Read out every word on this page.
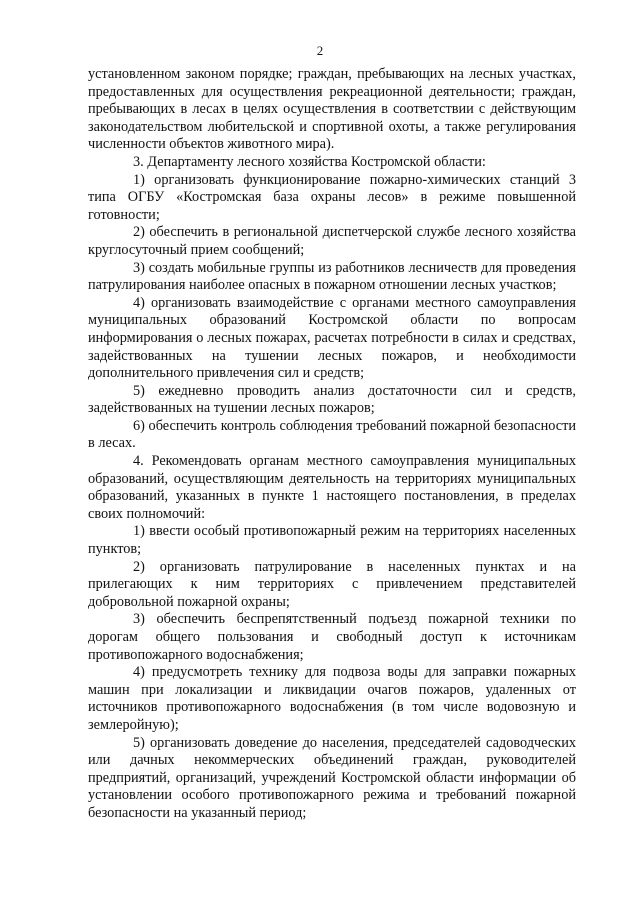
2

установленном законом порядке; граждан, пребывающих на лесных участках, предоставленных для осуществления рекреационной деятельности; граждан, пребывающих в лесах в целях осуществления в соответствии с действующим законодательством любительской и спортивной охоты, а также регулирования численности объектов животного мира).

3. Департаменту лесного хозяйства Костромской области:

1) организовать функционирование пожарно-химических станций 3 типа ОГБУ «Костромская база охраны лесов» в режиме повышенной готовности;

2) обеспечить в региональной диспетчерской службе лесного хозяйства круглосуточный прием сообщений;

3) создать мобильные группы из работников лесничеств для проведения патрулирования наиболее опасных в пожарном отношении лесных участков;

4) организовать взаимодействие с органами местного самоуправления муниципальных образований Костромской области по вопросам информирования о лесных пожарах, расчетах потребности в силах и средствах, задействованных на тушении лесных пожаров, и необходимости дополнительного привлечения сил и средств;

5) ежедневно проводить анализ достаточности сил и средств, задействованных на тушении лесных пожаров;

6) обеспечить контроль соблюдения требований пожарной безопасности в лесах.

4. Рекомендовать органам местного самоуправления муниципальных образований, осуществляющим деятельность на территориях муниципальных образований, указанных в пункте 1 настоящего постановления, в пределах своих полномочий:

1) ввести особый противопожарный режим на территориях населенных пунктов;

2) организовать патрулирование в населенных пунктах и на прилегающих к ним территориях с привлечением представителей добровольной пожарной охраны;

3) обеспечить беспрепятственный подъезд пожарной техники по дорогам общего пользования и свободный доступ к источникам противопожарного водоснабжения;

4) предусмотреть технику для подвоза воды для заправки пожарных машин при локализации и ликвидации очагов пожаров, удаленных от источников противопожарного водоснабжения (в том числе водовозную и землеройную);

5) организовать доведение до населения, председателей садоводческих или дачных некоммерческих объединений граждан, руководителей предприятий, организаций, учреждений Костромской области информации об установлении особого противопожарного режима и требований пожарной безопасности на указанный период;
